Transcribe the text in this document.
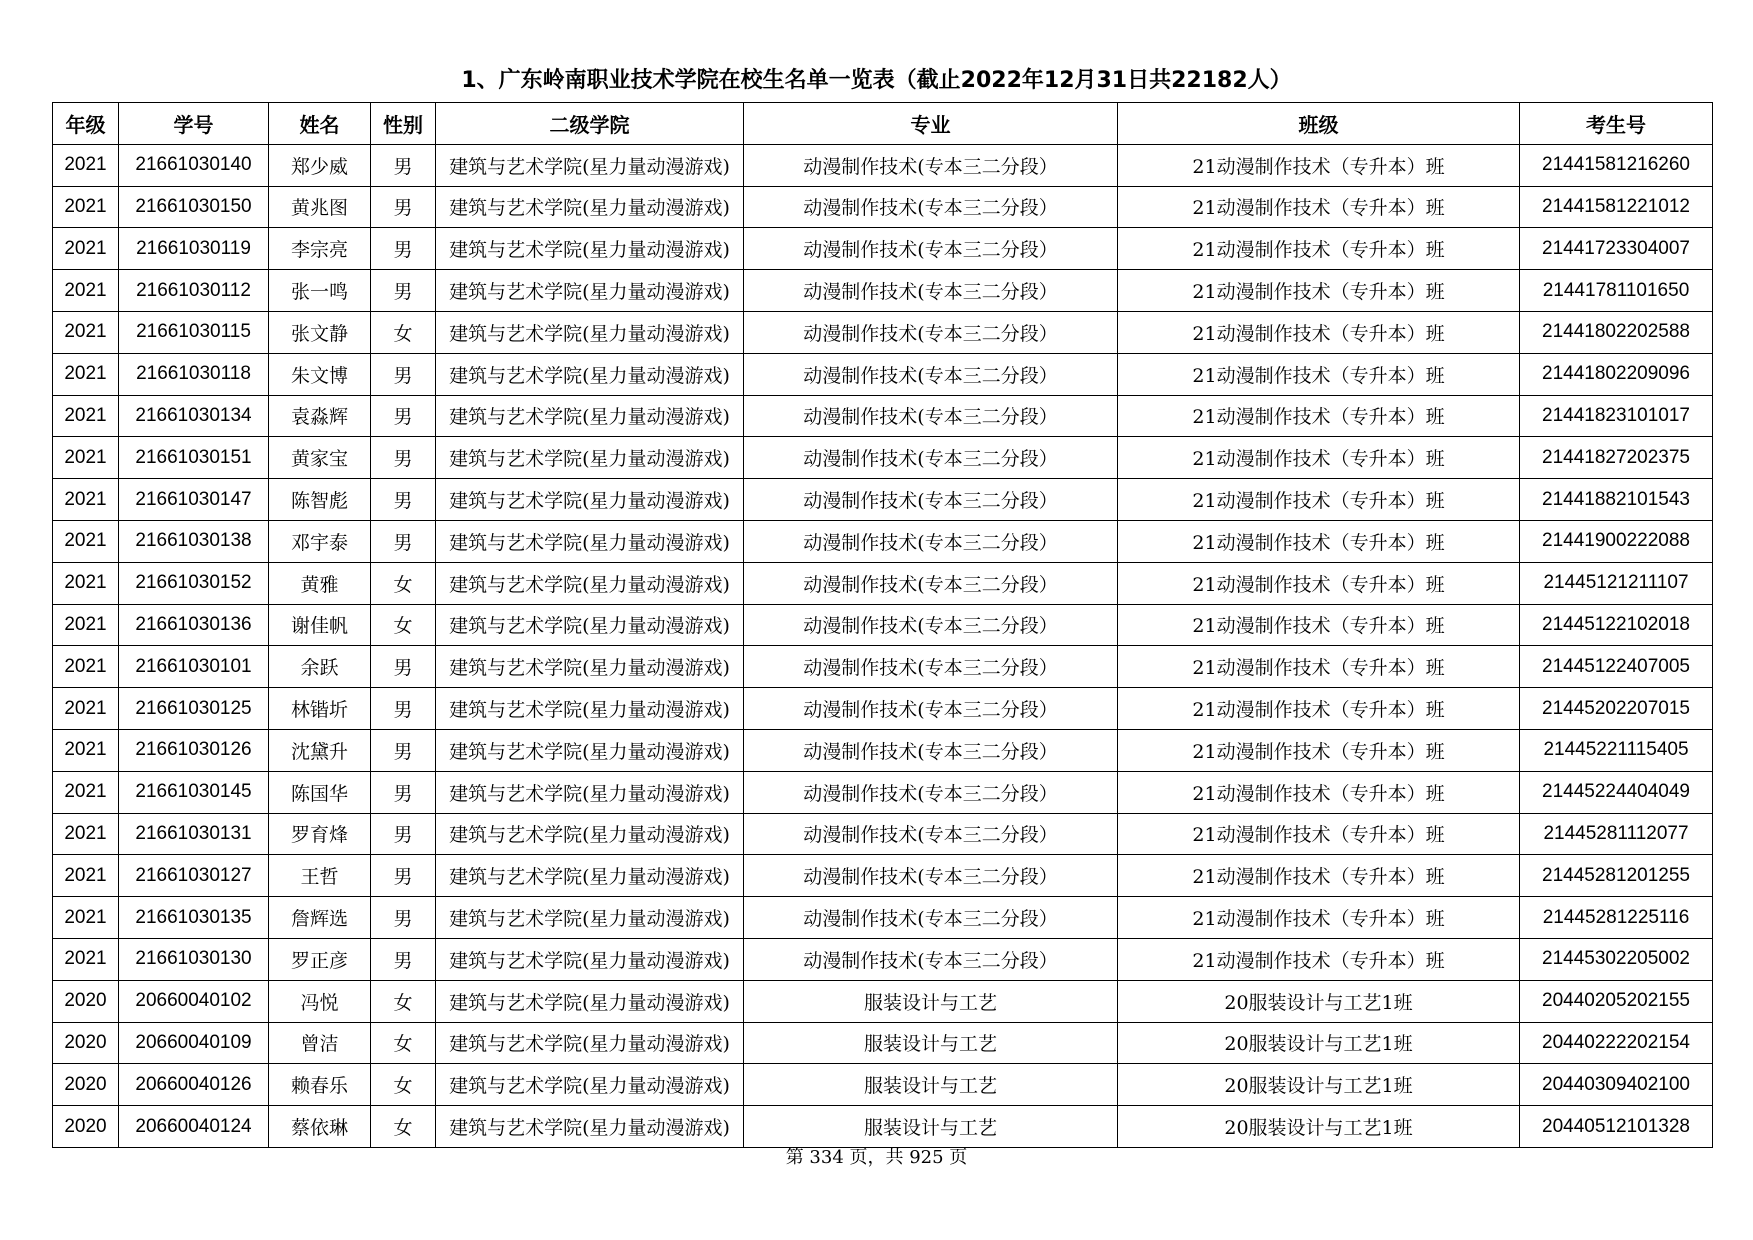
1、广东岭南职业技术学院在校生名单一览表（截止2022年12月31日共22182人）
年级	学号	姓名	性别	二级学院	专业	班级	考生号
2021	21661030140	郑少威	男	建筑与艺术学院(星力量动漫游戏)	动漫制作技术(专本三二分段）	21动漫制作技术（专升本）班	21441581216260
2021	21661030150	黄兆图	男	建筑与艺术学院(星力量动漫游戏)	动漫制作技术(专本三二分段）	21动漫制作技术（专升本）班	21441581221012
2021	21661030119	李宗亮	男	建筑与艺术学院(星力量动漫游戏)	动漫制作技术(专本三二分段）	21动漫制作技术（专升本）班	21441723304007
2021	21661030112	张一鸣	男	建筑与艺术学院(星力量动漫游戏)	动漫制作技术(专本三二分段）	21动漫制作技术（专升本）班	21441781101650
2021	21661030115	张文静	女	建筑与艺术学院(星力量动漫游戏)	动漫制作技术(专本三二分段）	21动漫制作技术（专升本）班	21441802202588
2021	21661030118	朱文博	男	建筑与艺术学院(星力量动漫游戏)	动漫制作技术(专本三二分段）	21动漫制作技术（专升本）班	21441802209096
2021	21661030134	袁淼辉	男	建筑与艺术学院(星力量动漫游戏)	动漫制作技术(专本三二分段）	21动漫制作技术（专升本）班	21441823101017
2021	21661030151	黄家宝	男	建筑与艺术学院(星力量动漫游戏)	动漫制作技术(专本三二分段）	21动漫制作技术（专升本）班	21441827202375
2021	21661030147	陈智彪	男	建筑与艺术学院(星力量动漫游戏)	动漫制作技术(专本三二分段）	21动漫制作技术（专升本）班	21441882101543
2021	21661030138	邓宇泰	男	建筑与艺术学院(星力量动漫游戏)	动漫制作技术(专本三二分段）	21动漫制作技术（专升本）班	21441900222088
2021	21661030152	黄雅	女	建筑与艺术学院(星力量动漫游戏)	动漫制作技术(专本三二分段）	21动漫制作技术（专升本）班	21445121211107
2021	21661030136	谢佳帆	女	建筑与艺术学院(星力量动漫游戏)	动漫制作技术(专本三二分段）	21动漫制作技术（专升本）班	21445122102018
2021	21661030101	余跃	男	建筑与艺术学院(星力量动漫游戏)	动漫制作技术(专本三二分段）	21动漫制作技术（专升本）班	21445122407005
2021	21661030125	林锴圻	男	建筑与艺术学院(星力量动漫游戏)	动漫制作技术(专本三二分段）	21动漫制作技术（专升本）班	21445202207015
2021	21661030126	沈黛升	男	建筑与艺术学院(星力量动漫游戏)	动漫制作技术(专本三二分段）	21动漫制作技术（专升本）班	21445221115405
2021	21661030145	陈国华	男	建筑与艺术学院(星力量动漫游戏)	动漫制作技术(专本三二分段）	21动漫制作技术（专升本）班	21445224404049
2021	21661030131	罗育烽	男	建筑与艺术学院(星力量动漫游戏)	动漫制作技术(专本三二分段）	21动漫制作技术（专升本）班	21445281112077
2021	21661030127	王哲	男	建筑与艺术学院(星力量动漫游戏)	动漫制作技术(专本三二分段）	21动漫制作技术（专升本）班	21445281201255
2021	21661030135	詹辉选	男	建筑与艺术学院(星力量动漫游戏)	动漫制作技术(专本三二分段）	21动漫制作技术（专升本）班	21445281225116
2021	21661030130	罗正彦	男	建筑与艺术学院(星力量动漫游戏)	动漫制作技术(专本三二分段）	21动漫制作技术（专升本）班	21445302205002
2020	20660040102	冯悦	女	建筑与艺术学院(星力量动漫游戏)	服装设计与工艺	20服装设计与工艺1班	20440205202155
2020	20660040109	曾洁	女	建筑与艺术学院(星力量动漫游戏)	服装设计与工艺	20服装设计与工艺1班	20440222202154
2020	20660040126	赖春乐	女	建筑与艺术学院(星力量动漫游戏)	服装设计与工艺	20服装设计与工艺1班	20440309402100
2020	20660040124	蔡依琳	女	建筑与艺术学院(星力量动漫游戏)	服装设计与工艺	20服装设计与工艺1班	20440512101328
第 334 页，共 925 页
